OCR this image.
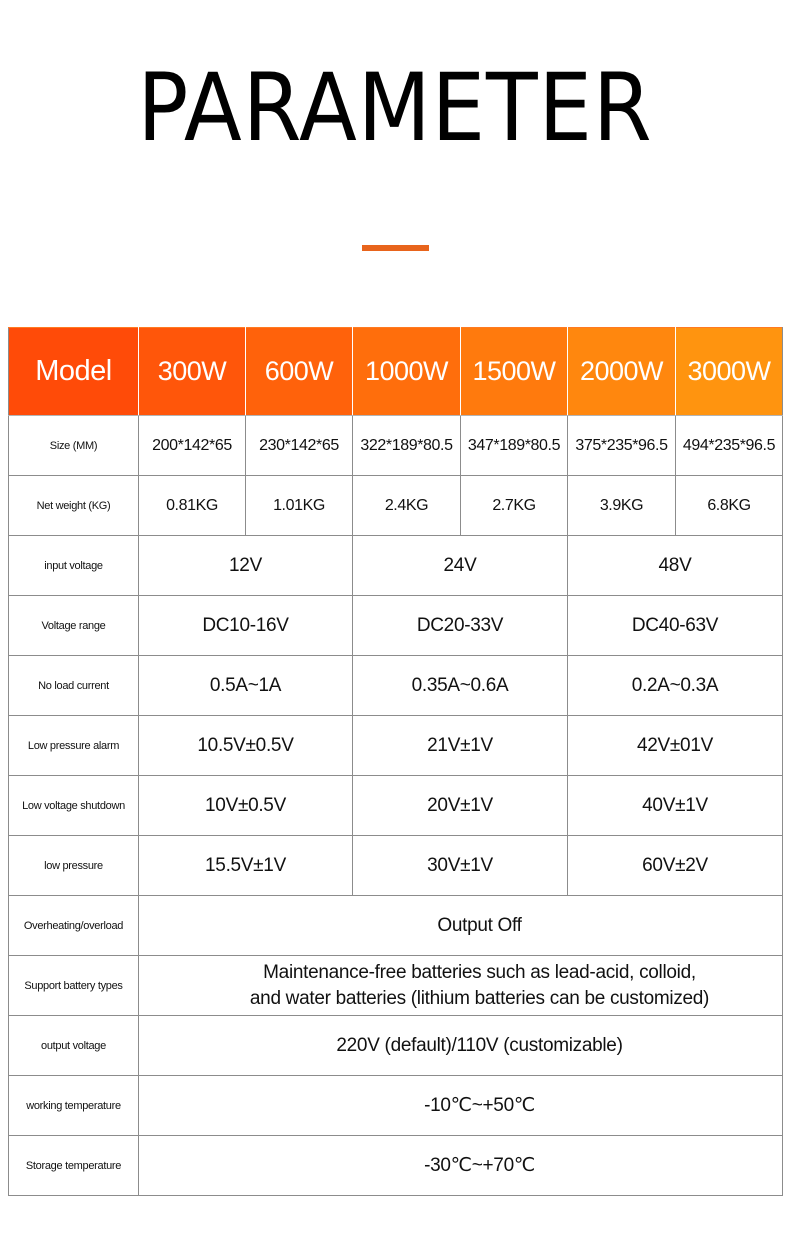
PARAMETER
Model	300W	600W	1000W	1500W	2000W	3000W
Size (MM)	200*142*65	230*142*65	322*189*80.5	347*189*80.5	375*235*96.5	494*235*96.5
Net weight (KG)	0.81KG	1.01KG	2.4KG	2.7KG	3.9KG	6.8KG
input voltage	12V		24V		48V	
Voltage range	DC10-16V		DC20-33V		DC40-63V	
No load current	0.5A~1A		0.35A~0.6A		0.2A~0.3A	
Low pressure alarm	10.5V±0.5V		21V±1V		42V±01V	
Low voltage shutdown	10V±0.5V		20V±1V		40V±1V	
low pressure	15.5V±1V		30V±1V		60V±2V	
Overheating/overload	Output Off					
Support battery types	Maintenance-free batteries such as lead-acid, colloid,
and water batteries (lithium batteries can be customized)					

output voltage	220V (default)/110V (customizable)					
working temperature	-10℃~+50℃					
Storage temperature	-30℃~+70℃					
